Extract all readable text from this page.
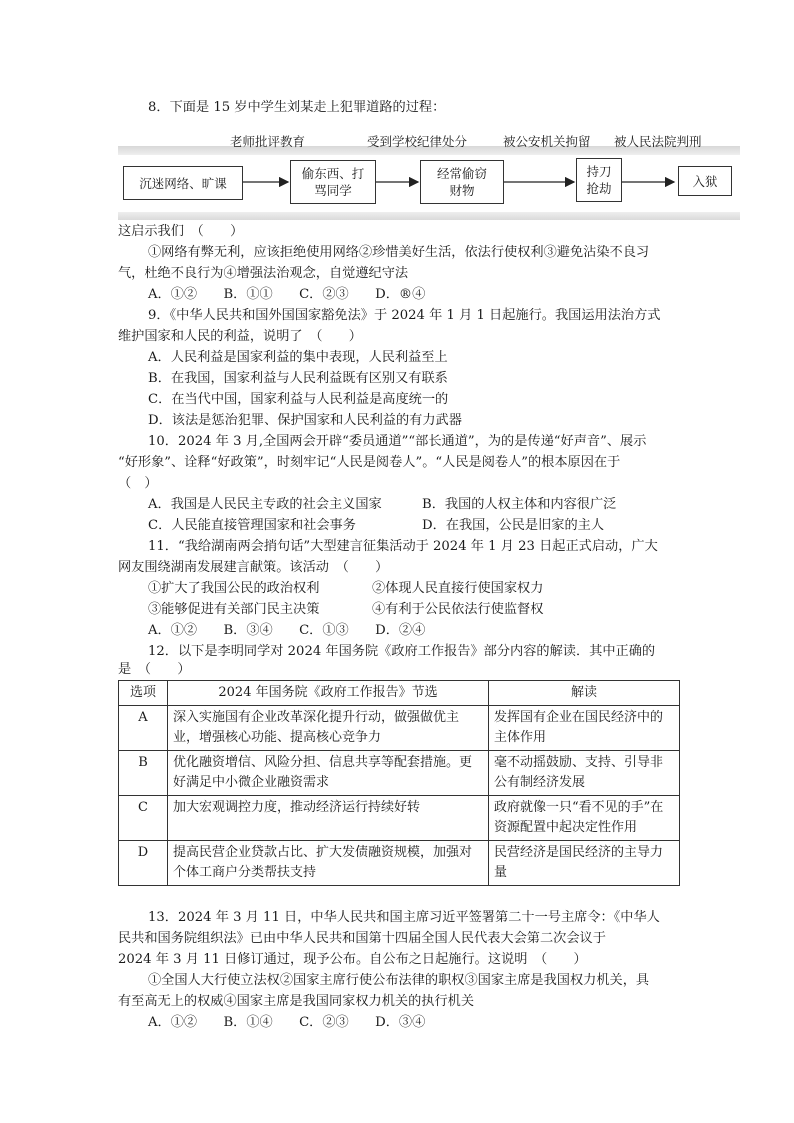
8．下面是 15 岁中学生刘某走上犯罪道路的过程：
老师批评教育	受到学校纪律处分	被公安机关拘留 被人民法院判刑
沉迷网络、旷课
偷东西、打
骂同学
经常偷窃
财物
持刀
抢劫	入狱
这启示我们　（　　）
①网络有弊无利，应该拒绝使用网络②珍惜美好生活，依法行使权利③避免沾染不良习
气，杜绝不良行为④增强法治观念，自觉遵纪守法
A．①②　　B．①①　　C．②③　　D．®④
9．《中华人民共和国外国国家豁免法》于 2024 年 1 月 1 日起施行。我国运用法治方式
维护国家和人民的利益，说明了　（　　）
A．人民利益是国家利益的集中表现，人民利益至上
B．在我国，国家利益与人民利益既有区别又有联系
C．在当代中国，国家利益与人民利益是高度统一的
D．该法是惩治犯罪、保护国家和人民利益的有力武器
10．2024 年 3 月,全国两会开辟“委员通道”“部长通道”，为的是传递“好声音”、展示
“好形象”、诠释“好政策”，时刻牢记“人民是阅卷人”。“人民是阅卷人”的根本原因在于
（　）
A．我国是人民民主专政的社会主义国家	B．我国的人权主体和内容很广泛
C．人民能直接管理国家和社会事务	D．在我国，公民是旧家的主人
11．“我给湖南两会捎句话”大型建言征集活动于 2024 年 1 月 23 日起正式启动，广大
网友围绕湖南发展建言献策。该活动　（　　）
①扩大了我国公民的政治权利	②体现人民直接行使国家权力
③能够促进有关部门民主决策	④有利于公民依法行使监督权
A．①②　　B．③④　　C．①③　　D．②④
12．以下是李明同学对 2024 年国务院《政府工作报告》部分内容的解读．其中正确的
是　（　　）
选项	2024 年国务院《政府工作报告》节选	解读
A	深入实施国有企业改革深化提升行动，做强做优主业，增强核心功能、提高核心竞争力	发挥国有企业在国民经济中的主体作用
B	优化融资增信、风险分担、信息共享等配套措施。更好满足中小微企业融资需求	毫不动摇鼓励、支持、引导非公有制经济发展
C	加大宏观调控力度，推动经济运行持续好转	政府就像一只“看不见的手”在资源配置中起决定性作用
D	提高民营企业贷款占比、扩大发债融资规模，加强对个体工商户分类帮扶支持	民营经济是国民经济的主导力量
13．2024 年 3 月 11 日，中华人民共和国主席习近平签署第二十一号主席令：《中华人
民共和国务院组织法》已由中华人民共和国第十四届全国人民代表大会第二次会议于
2024 年 3 月 11 日修订通过，现予公布。自公布之日起施行。这说明　（　　）
①全国人大行使立法权②国家主席行使公布法律的职权③国家主席是我国权力机关，具
有至高无上的权威④国家主席是我国同家权力机关的执行机关
A．①②　　B．①④　　C．②③　　D．③④
